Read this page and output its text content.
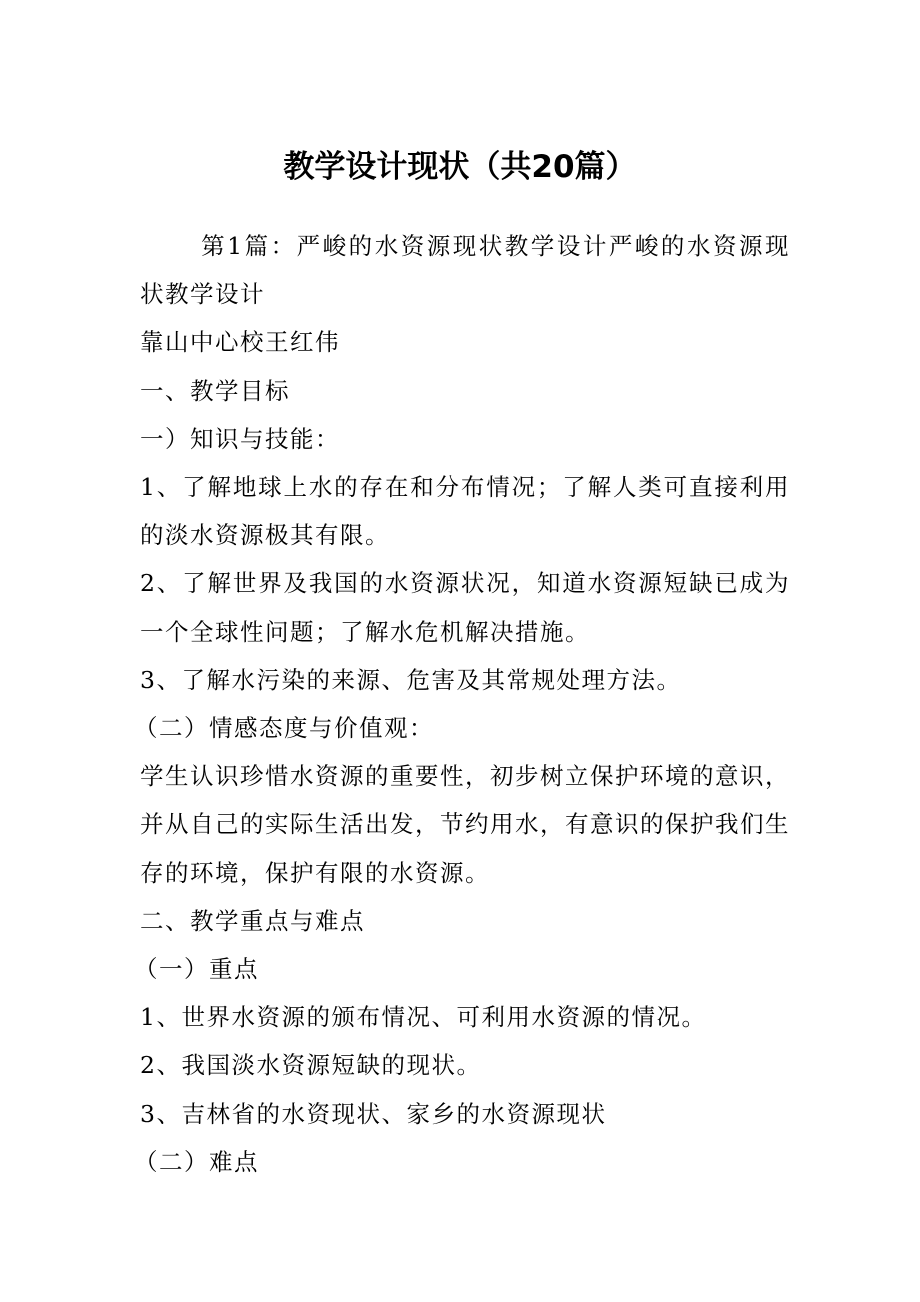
教学设计现状（共20篇）

第1篇：严峻的水资源现状教学设计严峻的水资源现状教学设计

靠山中心校王红伟

一、教学目标

一）知识与技能：

1、了解地球上水的存在和分布情况；了解人类可直接利用的淡水资源极其有限。

2、了解世界及我国的水资源状况，知道水资源短缺已成为一个全球性问题；了解水危机解决措施。

3、了解水污染的来源、危害及其常规处理方法。

（二）情感态度与价值观：

学生认识珍惜水资源的重要性，初步树立保护环境的意识，并从自己的实际生活出发，节约用水，有意识的保护我们生存的环境，保护有限的水资源。

二、教学重点与难点

（一）重点

1、世界水资源的颁布情况、可利用水资源的情况。

2、我国淡水资源短缺的现状。

3、吉林省的水资现状、家乡的水资源现状

（二）难点
